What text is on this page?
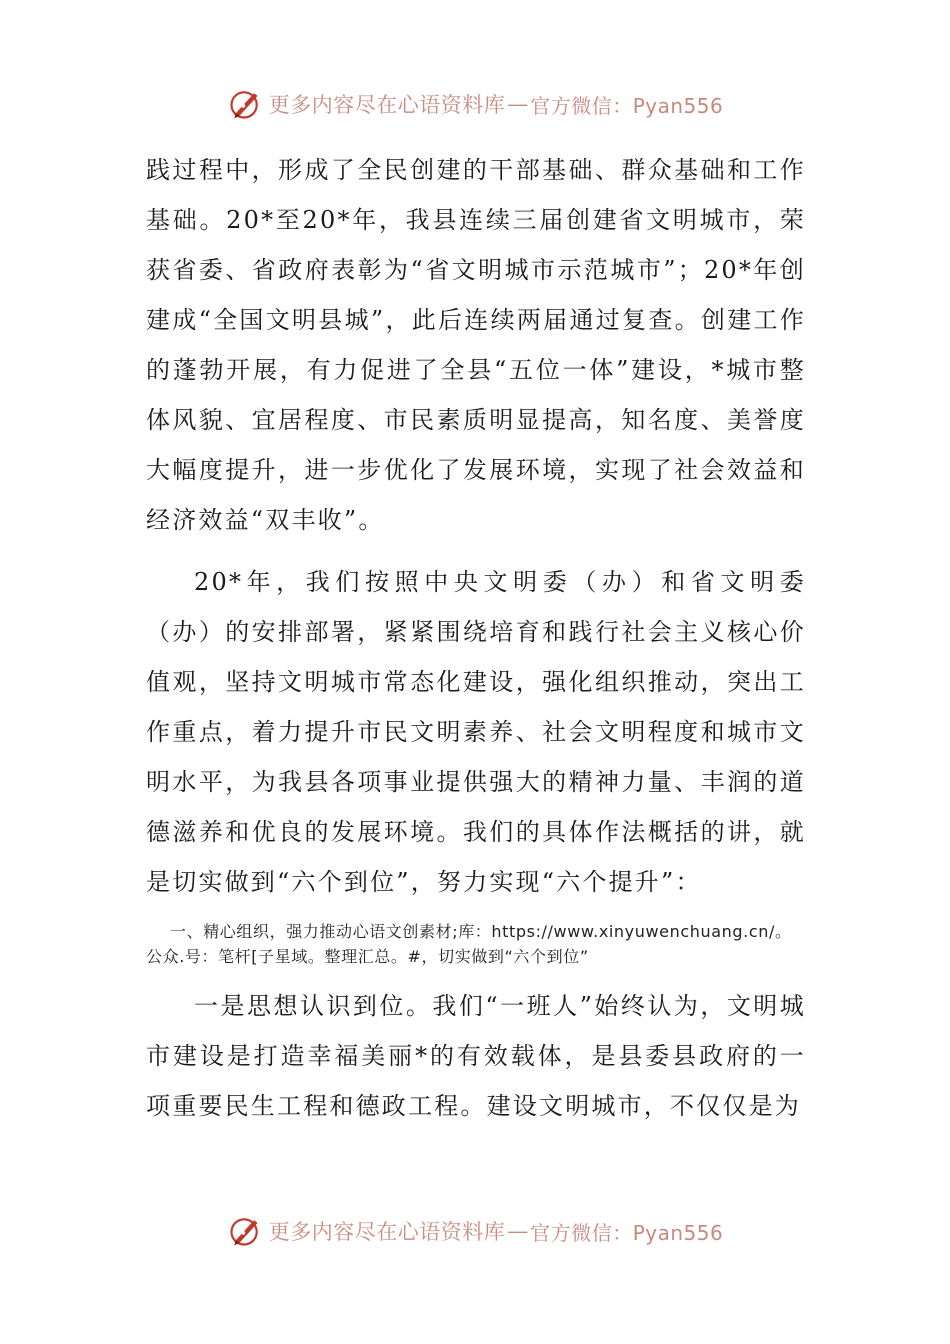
更多内容尽在心语资料库 — 官方微信：Pyan556

践过程中，形成了全民创建的干部基础、群众基础和工作基础。20*至20*年，我县连续三届创建省文明城市，荣获省委、省政府表彰为“省文明城市示范城市”；20*年创建成“全国文明县城”，此后连续两届通过复查。创建工作的蓬勃开展，有力促进了全县“五位一体”建设，*城市整体风貌、宜居程度、市民素质明显提高，知名度、美誉度大幅度提升，进一步优化了发展环境，实现了社会效益和经济效益“双丰收”。

20*年，我们按照中央文明委（办）和省文明委（办）的安排部署，紧紧围绕培育和践行社会主义核心价值观，坚持文明城市常态化建设，强化组织推动，突出工作重点，着力提升市民文明素养、社会文明程度和城市文明水平，为我县各项事业提供强大的精神力量、丰润的道德滋养和优良的发展环境。我们的具体作法概括的讲，就是切实做到“六个到位”，努力实现“六个提升”：

一、精心组织，强力推动心语文创素材;库：https://www.xinyuwenchuang.cn/。公众.号：笔杆[子星域。整理汇总。#，切实做到“六个到位”

一是思想认识到位。我们“一班人”始终认为，文明城市建设是打造幸福美丽*的有效载体，是县委县政府的一项重要民生工程和德政工程。建设文明城市，不仅仅是为

更多内容尽在心语资料库 — 官方微信：Pyan556
